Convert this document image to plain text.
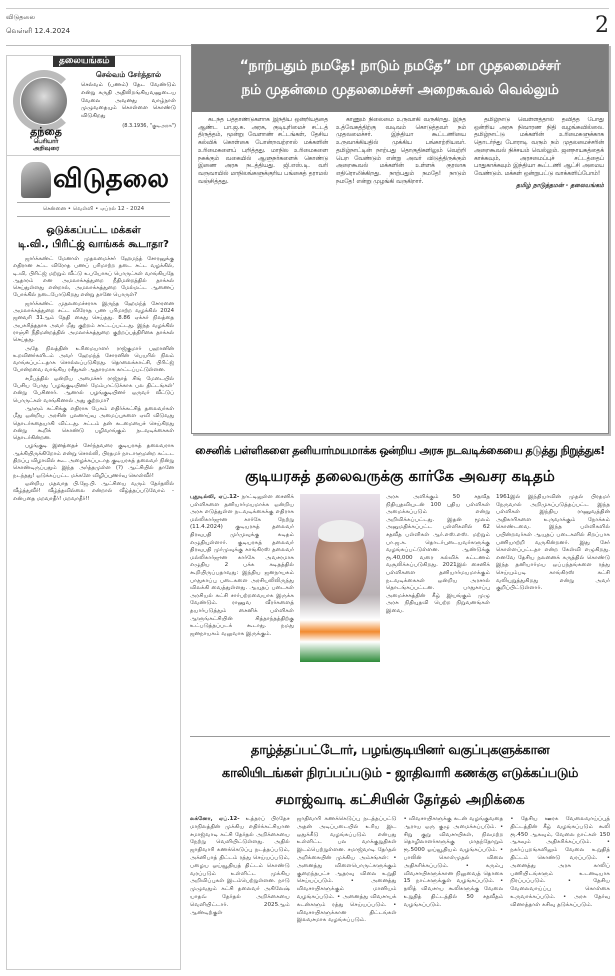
விடுதலை
வெள்ளி 12.4.2024	2
தலையங்கம்
தந்தை
பெரியார்
அறிவுரை
செல்வம் சேர்த்தால்
செல்வம் (பணம்) தேட வேண்டும் என்று கருதி அதிலிறங்கியவனுடைய வேலை அவனது வாழ்நாள் முழுவதையும் கொள்ளை கொண்டு விடுகிறது
(8.3.1936, "குடிஅரசு")
விடுதலை
சென்னை • வெள்ளி • ஏப்ரல் 12 - 2024
ஒடுக்கப்பட்ட மக்கள்
டி.வி., பிரிட்ஜ் வாங்கக் கூடாதா?

ஜார்க்கண்ட் மேனாள் முதலமைச்சர் ஹேமந்த் சோரனுக்கு எதிரான சட்ட விரோத பணப் பரிமாற்ற தடை சட்ட வழக்கில், டி.வி, பிரிட்ஜ் மற்றும் வீட்டு உபயோகப் பொருட்கள் வாங்கியதே ஆதாரம் என அமலாக்கத்துறை நீதிமன்றத்தில் தாக்கல் செய்துள்ளது என்றால், அமலாக்கத்துறை மேல்மட்ட ஆணைப் போக்கில் நடைபோடுகிறது என்று தானே பொருள்?

ஜார்க்கண்ட் முதலமைச்சராக இருந்த ஹேமந்த் சோரனை அமலாக்கத்துறை சட்ட விரோத பண பரிமாற்ற வழக்கில் 2024 ஜனவரி 31ஆம் தேதி கைது செய்தது. 8.86 ஏக்கர் நிலத்தை அபகரித்ததாக அவர் மீது குற்றம் சாட்டப்பட்டது. இந்த வழக்கில் ராஞ்சி நீதிமன்றத்தில் அமலாக்கத்துறை குற்றப்பத்திரிகை தாக்கல் செய்தது.

அதே நிலத்தின் உரிமையாளர் ராஜ்குமார் பஹானின் உறவினர்களிடம் அவர் ஹேமந்த் சோரனின் பெயரில் நிலம் வாங்கப்பட்டதாக சொல்லப்படுகிறது. தொலைக்காட்சி, பிரிட்ஜ் போன்றவை வாங்கிய ரசீதுகள் ஆதாரமாக காட்டப்பட்டுள்ளன.

சமீபத்தில் ஒன்றிய அமைச்சர் ராஜ்நாத் சிங் மேடையில் பேசிய போது 'பழங்குடியினர் மேம்பாட்டுக்காக பல திட்டங்கள்' என்று பேசினார். ஆனால் பழங்குடியினர் ஒருவர் வீட்டுப் பொருட்கள் வாங்கினால் அது குற்றமா?

ஆளும் கட்சிக்கு எதிராக பேசும் எதிர்க்கட்சித் தலைவர்கள் மீது ஒன்றிய அரசின் புலனாய்வு அமைப்புகளை ஏவி விடுவது தொடர்கதையாகி விட்டது. சட்டம் தன் கடமையைச் செய்கிறது என்று கூறிக் கொண்டு பழிவாங்கும் நடவடிக்கைகள் தொடர்கின்றன.

பழங்குடி இனத்தைச் சேர்ந்தவரை குடியரசுத் தலைவராக ஆக்கியிருக்கிறோம் என்று சொல்லி, பிரதமர் நாடாளுமன்ற கட்டட திறப்பு விழாவில் கூட அழைக்கப்படாத குடியரசுத் தலைவர் நின்று கொண்டிருப்பதும் இந்த அர்த்தமுள்ள (?) ஆட்சியில் தானே நடந்தது! ஒடுக்கப்பட்ட மக்களே விழிப்புணர்வு கொள்வீர்!

ஒன்றிய மதவாத பி.ஜே.பி. ஆட்சியை வரும் தேர்தலில் வீழ்த்துவீர்! வீழ்த்தவில்லை என்றால் வீழ்த்தப்படுவோம் - என்பதை மறவாதீர்! மறவாதீர்!!

“நாற்பதும் நமதே! நாடும் நமதே” மா முதலமைச்சர்
நம் முதன்மை முதலமைச்சர் அறைகூவல் வெல்லும்

கடந்த பத்தாண்டுகளாக இந்திய ஒன்றியத்தை ஆண்ட பா.ஜ.க. அரசு, குடியுரிமைச் சட்டத் திருத்தம், மூன்று வேளாண் சட்டங்கள், தேசிய கல்விக் கொள்கை போன்றவற்றால் மக்களின் உரிமைகளைப் பறித்தது. மாநில உரிமைகளை நசுக்கும் வகையில் ஆளுநர்களைக் கொண்டு இணை அரசு நடத்தியது. ஜி.எஸ்.டி. வரி வருவாயில் மாநிலங்களுக்குரிய பங்கைத் தராமல் வஞ்சித்தது.

காணும் நிலைமை உருவாகி வருகிறது. இந்த உத்வேகத்திற்கு வடிவம் கொடுத்தவர் நம் முதலமைச்சர். இந்தியா கூட்டணியை உருவாக்கியதில் முக்கிய பங்காற்றியவர். தமிழ்நாட்டின் நாற்பது தொகுதிகளிலும் வெற்றி பெற வேண்டும் என்று அவர் விடுத்திருக்கும் அறைகூவல் மக்களின் உள்ளக் குரலாக எதிரொலிக்கிறது. நாற்பதும் நமதே! நாடும் நமதே! என்று முழங்கி வருகிறார்.

தமிழ்நாடு வெள்ளத்தால் தவித்த போது ஒன்றிய அரசு நிவாரண நிதி வழங்கவில்லை. தமிழ்நாட்டு மக்களின் உரிமைகளுக்காக தொடர்ந்து போராடி வரும் நம் முதலமைச்சரின் அறைகூவல் நிச்சயம் வெல்லும். ஜனநாயகத்தைக் காக்கவும், அரசமைப்புச் சட்டத்தைப் பாதுகாக்கவும் இந்தியா கூட்டணி ஆட்சி அமைய வேண்டும். மக்கள் ஒன்றுபட்டு வாக்களிப்போம்!

தமிழ் நாடுத்தமன் - தலையங்கம்
சைனிக் பள்ளிகளை தனியார்மயமாக்க ஒன்றிய அரசு நடவடிக்கையை தடுத்து நிறுத்துக!
குடியரசுத் தலைவருக்கு கார்கே அவசர கடிதம்
புதுடில்லி, ஏப்.12- நாட்டிலுள்ள சைனிக் பள்ளிகளை தனியார்மயமாக்க ஒன்றிய அரசு எடுத்துள்ள நடவடிக்கைக்கு எதிராக மல்லிகார்ஜுன கார்கே நேற்று (11.4.2024) குடியரசுத் தலைவர் திரவுபதி முர்முவுக்கு கடிதம் எழுதியுள்ளார். குடியரசுத் தலைவர் திரவுபதி முர்முவுக்கு காங்கிரஸ் தலைவர் மல்லிகார்ஜுன கார்கே அவசரமாக எழுதிய 2 பக்க கடிதத்தில் கூறியிருப்பதாவது: இந்திய ஜனநாயகம் பாதுகாப்பு படைகளை அரசியலிலிருந்து விலக்கி வைத்துள்ளது. ஆயுதப் படைகள் அரசியல் கட்சி சார்பற்றவையாக இருக்க வேண்டும். ராணுவ வீரர்களைத் தயார்படுத்தும் சைனிக் பள்ளிகள் ஆளுங்கட்சியின் சித்தாந்தத்திற்கு உட்படுத்தப்படக் கூடாது. நமது ஜனநாயகம் வலுவாக இருக்கும்.
அரசு அளிக்கும் 50 சதவீத நிதியுதவியுடன் 100 புதிய பள்ளிகள் அமைக்கப்படும் என்று அறிவிக்கப்பட்டது. இதன் மூலம் அனுமதிக்கப்பட்ட பள்ளிகளில் 62 சதவீத பள்ளிகள் ஆர்.எஸ்.எஸ். மற்றும் பா.ஜ.க. தொடர்புடையவர்களுக்கு வழங்கப்பட்டுள்ளன. ஆண்டுக்கு ரூ.40,000 வரை கல்விக் கட்டணம் வசூலிக்கப்படுகிறது. 2021இல் சைனிக் பள்ளிகளை தனியார்மயமாக்கும் நடவடிக்கைகள் ஒன்றிய அரசால் தொடங்கப்பட்டன. பாதுகாப்பு அமைச்சகத்தின் கீழ் இயங்கும் முழு அரசு நிதியுதவி பெற்ற நிறுவனங்கள் இவை.
1961இல் இந்தியாவின் முதல் பிரதமர் நேருவால் அறிமுகப்படுத்தப்பட்ட இந்த பள்ளிகள் இந்திய ராணுவத்தின் அதிகாரிகளை உருவாக்கும் நோக்கம் கொண்டவை. இந்த பள்ளிகளில் பயின்றவர்கள் ஆயுதப் படைகளில் சிறப்பாக பணியாற்றி வருகின்றனர். இது சேர் கொள்ளப்பட்டதா என்ற கேள்வி எழுகிறது. எனவே தேசிய நலனைக் கருத்தில் கொண்டு இந்த தனியார்மய ஒப்பந்தங்களை ரத்து செய்யும்படி காங்கிரஸ் கட்சி வலியுறுத்துகிறது என்று அவர் குறிப்பிட்டுள்ளார்.
தாழ்த்தப்பட்டோர், பழங்குடியினர் வகுப்புகளுக்கான
காலியிடங்கள் நிரப்பப்படும் - ஜாதிவாரி கணக்கு எடுக்கப்படும்
சமாஜ்வாடி கட்சியின் தேர்தல் அறிக்கை
லக்னோ, ஏப்.12- உத்தரப் பிரதேச மாநிலத்தின் முக்கிய எதிர்க்கட்சியான சமாஜ்வாடி கட்சி தேர்தல் அறிக்கையை நேற்று வெளியிட்டுள்ளது. அதில் ஜாதிவாரி கணக்கெடுப்பு நடத்தப்படும், அக்னிபாத் திட்டம் ரத்து செய்யப்படும், பழைய ஓய்வூதியத் திட்டம் கொண்டு வரப்படும் உள்ளிட்ட முக்கிய அறிவிப்புகள் இடம்பெற்றுள்ளன. நாடு முழுவதும் கட்சி தலைவர் அகிலேஷ் யாதவ் தேர்தல் அறிக்கையை வெளியிட்டார். 2025ஆம் ஆண்டிற்குள்
ஜாதிவாரி கணக்கெடுப்பு நடத்தப்பட்டு அதன் அடிப்படையில் உரிய இட ஒதுக்கீடு வழங்கப்படும் என்பது உள்ளிட்ட பல வாக்குறுதிகள் இடம்பெற்றுள்ளன. சமாஜ்வாடி தேர்தல் அறிக்கையின் முக்கிய அம்சங்கள்: • அனைத்து விளைபொருட்களுக்கும் குறைந்தபட்ச ஆதரவு விலை உறுதி செய்யப்படும். • அனைத்து விவசாயிகளுக்கும் மானியம் வழங்கப்படும். • அனைத்து விவசாயக் கடன்களும் ரத்து செய்யப்படும். • விவசாயிகளுக்கான திட்டங்கள் இலவசமாக வழங்கப்படும்.
• விவசாயிகளுக்கு கடன் வழங்குவதை ஆராய ஒரு குழு அமைக்கப்படும். • சிறு குறு விவசாயிகள், நிலமற்ற தொழிலாளர்களுக்கு மாதந்தோறும் ரூ.5000 ஓய்வூதியம் வழங்கப்படும். • பாலின் கொள்முதல் விலை அதிகரிக்கப்படும். • கரும்பு விவசாயிகளுக்கான நிலுவைத் தொகை 15 நாட்களுக்குள் வழங்கப்படும். • தலித் விவசாய கூலிகளுக்கு வேலை உறுதித் திட்டத்தில் 50 சதவீதம் வழங்கப்படும்.
• தேசிய ஊரக வேலைவாய்ப்புத் திட்டத்தின் கீழ் வழங்கப்படும் கூலி ரூ.450 ஆகவும், வேலை நாட்கள் 150 ஆகவும் அதிகரிக்கப்படும். • நகர்ப்புறங்களிலும் வேலை உறுதித் திட்டம் கொண்டு வரப்படும். • அனைத்து அரசு காலிப் பணியிடங்களும் உடனடியாக நிரப்பப்படும். • தேசிய வேலைவாய்ப்பு கொள்கை உருவாக்கப்படும். • அரசு தேர்வு வினாத்தாள் கசிவு தடுக்கப்படும்.
